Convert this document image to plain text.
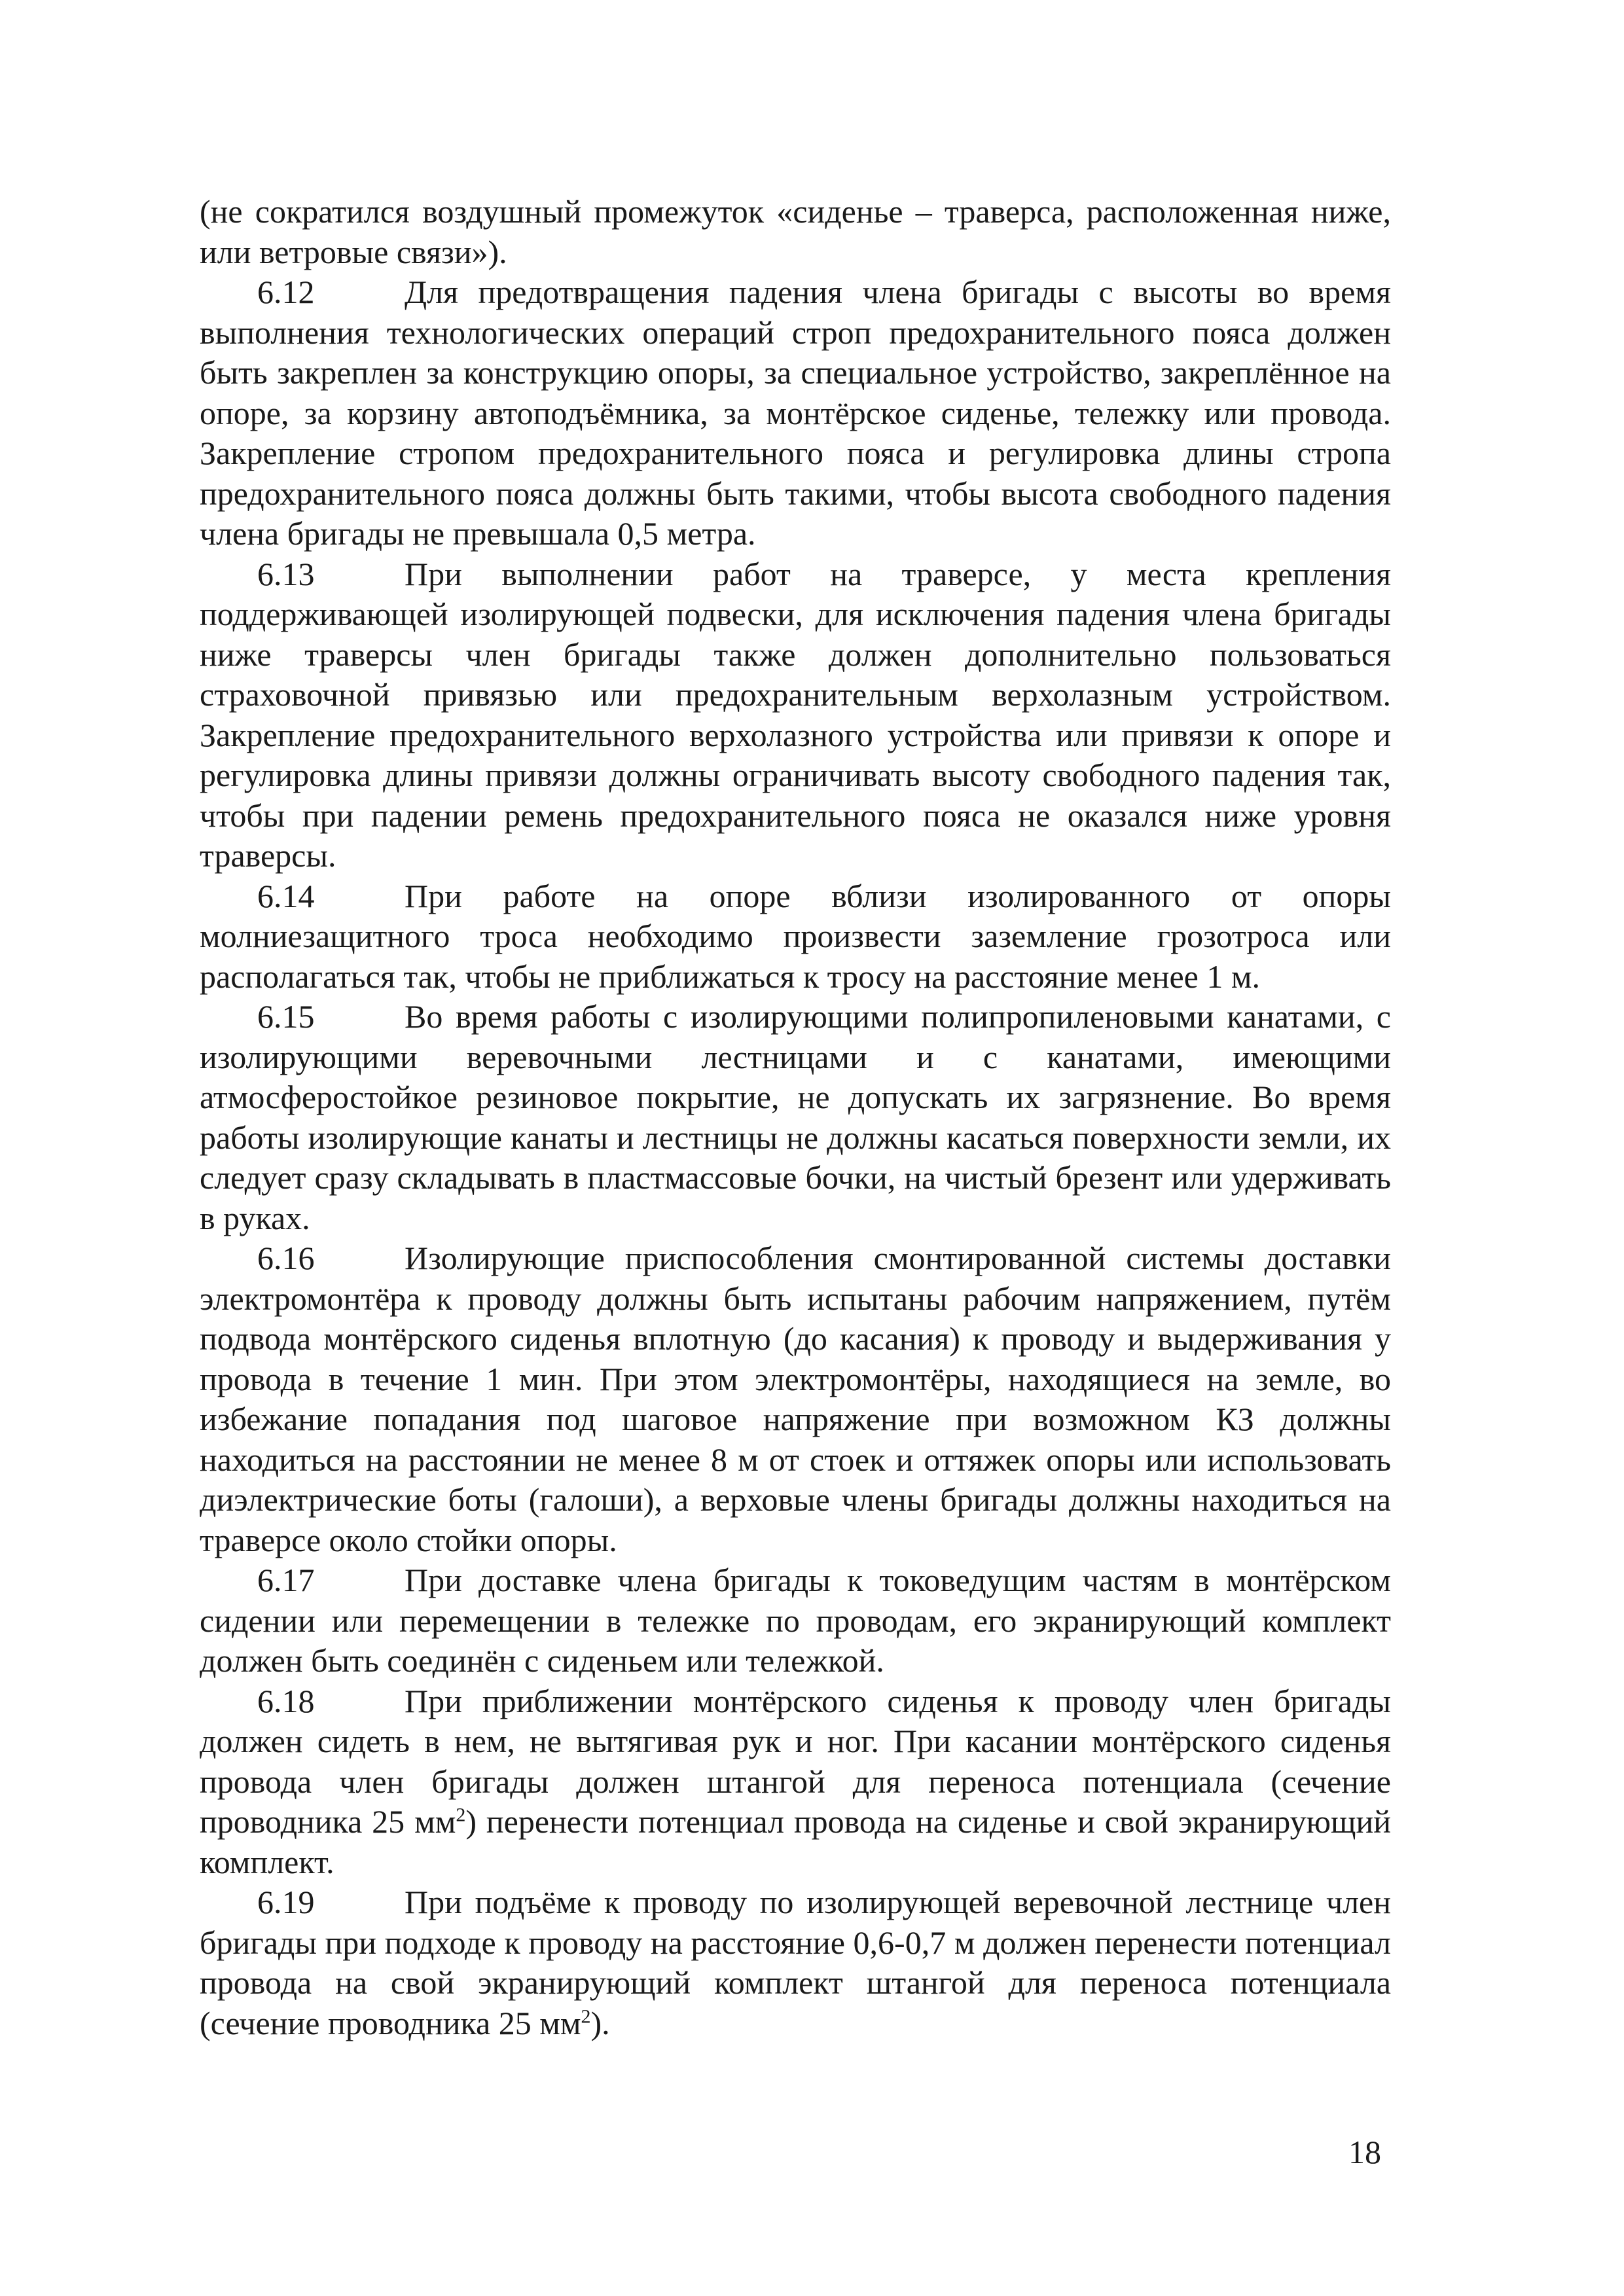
(не сократился воздушный промежуток «сиденье – траверса, расположенная ниже, или ветровые связи»).

6.12	Для предотвращения падения члена бригады с высоты во время выполнения технологических операций строп предохранительного пояса должен быть закреплен за конструкцию опоры, за специальное устройство, закреплённое на опоре, за корзину автоподъёмника, за монтёрское сиденье, тележку или провода. Закрепление стропом предохранительного пояса и регулировка длины стропа предохранительного пояса должны быть такими, чтобы высота свободного падения члена бригады не превышала 0,5 метра.

6.13	При выполнении работ на траверсе, у места крепления поддерживающей изолирующей подвески, для исключения падения члена бригады ниже траверсы член бригады также должен дополнительно пользоваться страховочной привязью или предохранительным верхолазным устройством. Закрепление предохранительного верхолазного устройства или привязи к опоре и регулировка длины привязи должны ограничивать высоту свободного падения так, чтобы при падении ремень предохранительного пояса не оказался ниже уровня траверсы.

6.14	При работе на опоре вблизи изолированного от опоры молниезащитного троса необходимо произвести заземление грозотроса или располагаться так, чтобы не приближаться к тросу на расстояние менее 1 м.

6.15	Во время работы с изолирующими полипропиленовыми канатами, с изолирующими веревочными лестницами и с канатами, имеющими атмосферостойкое резиновое покрытие, не допускать их загрязнение. Во время работы изолирующие канаты и лестницы не должны касаться поверхности земли, их следует сразу складывать в пластмассовые бочки, на чистый брезент или удерживать в руках.

6.16	Изолирующие приспособления смонтированной системы доставки электромонтёра к проводу должны быть испытаны рабочим напряжением, путём подвода монтёрского сиденья вплотную (до касания) к проводу и выдерживания у провода в течение 1 мин. При этом электромонтёры, находящиеся на земле, во избежание попадания под шаговое напряжение при возможном КЗ должны находиться на расстоянии не менее 8 м от стоек и оттяжек опоры или использовать диэлектрические боты (галоши), а верховые члены бригады должны находиться на траверсе около стойки опоры.

6.17	При доставке члена бригады к токоведущим частям в монтёрском сидении или перемещении в тележке по проводам, его экранирующий комплект должен быть соединён с сиденьем или тележкой.

6.18	При приближении монтёрского сиденья к проводу член бригады должен сидеть в нем, не вытягивая рук и ног. При касании монтёрского сиденья провода член бригады должен штангой для переноса потенциала (сечение проводника 25 $мм^2$) перенести потенциал провода на сиденье и свой экранирующий комплект.

6.19	При подъёме к проводу по изолирующей веревочной лестнице член бригады при подходе к проводу на расстояние 0,6-0,7 м должен перенести потенциал провода на свой экранирующий комплект штангой для переноса потенциала (сечение проводника 25 $мм^2$).

18
